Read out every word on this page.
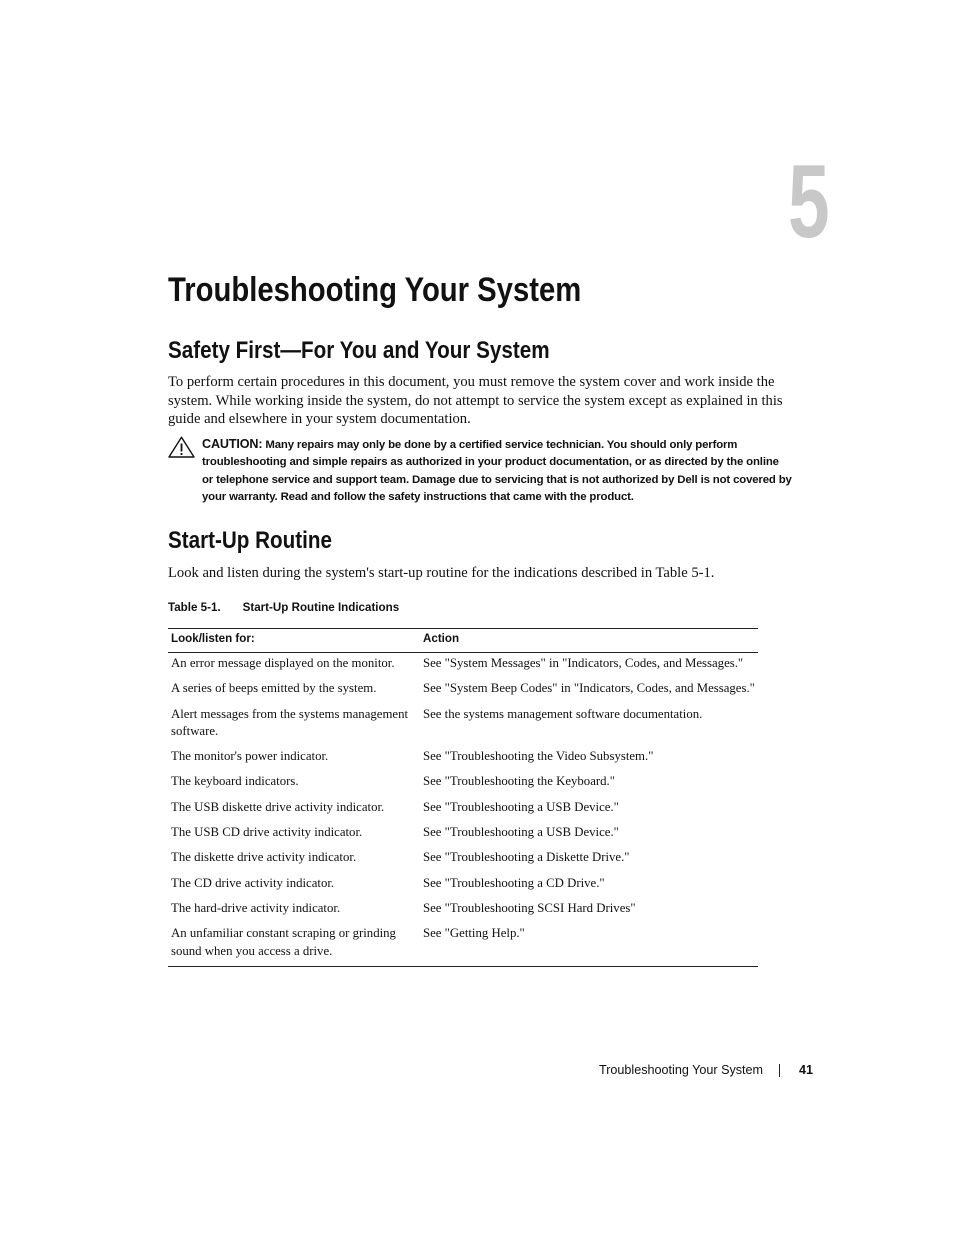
5
Troubleshooting Your System
Safety First—For You and Your System

To perform certain procedures in this document, you must remove the system cover and work inside the system. While working inside the system, do not attempt to service the system except as explained in this guide and elsewhere in your system documentation.

CAUTION: Many repairs may only be done by a certified service technician. You should only perform troubleshooting and simple repairs as authorized in your product documentation, or as directed by the online or telephone service and support team. Damage due to servicing that is not authorized by Dell is not covered by your warranty. Read and follow the safety instructions that came with the product.

Start-Up Routine

Look and listen during the system's start-up routine for the indications described in Table 5-1.

Table 5-1. Start-Up Routine Indications

Look/listen for:	Action
An error message displayed on the monitor.	See "System Messages" in "Indicators, Codes, and Messages."
A series of beeps emitted by the system.	See "System Beep Codes" in "Indicators, Codes, and Messages."
Alert messages from the systems management software.	See the systems management software documentation.
The monitor's power indicator.	See "Troubleshooting the Video Subsystem."
The keyboard indicators.	See "Troubleshooting the Keyboard."
The USB diskette drive activity indicator.	See "Troubleshooting a USB Device."
The USB CD drive activity indicator.	See "Troubleshooting a USB Device."
The diskette drive activity indicator.	See "Troubleshooting a Diskette Drive."
The CD drive activity indicator.	See "Troubleshooting a CD Drive."
The hard-drive activity indicator.	See "Troubleshooting SCSI Hard Drives"
An unfamiliar constant scraping or grinding sound when you access a drive.	See "Getting Help."
Troubleshooting Your System	41
